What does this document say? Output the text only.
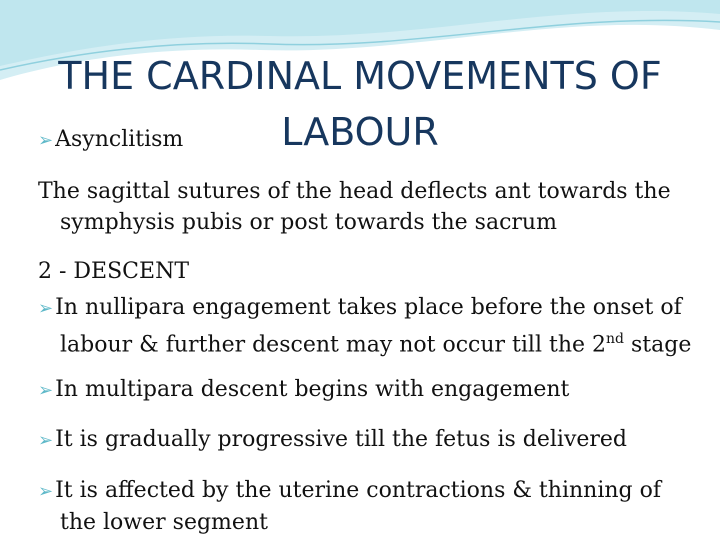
THE CARDINAL MOVEMENTS OF
LABOUR
➢Asynclitism
The sagittal sutures of the head deflects ant towards the
symphysis pubis or post towards the sacrum
2 - DESCENT
➢In nullipara engagement takes place before the onset of
labour & further descent may not occur till the 2nd stage
➢In multipara descent begins with engagement
➢It is gradually progressive till the fetus is delivered
➢It is affected by the uterine contractions & thinning of
the lower segment
